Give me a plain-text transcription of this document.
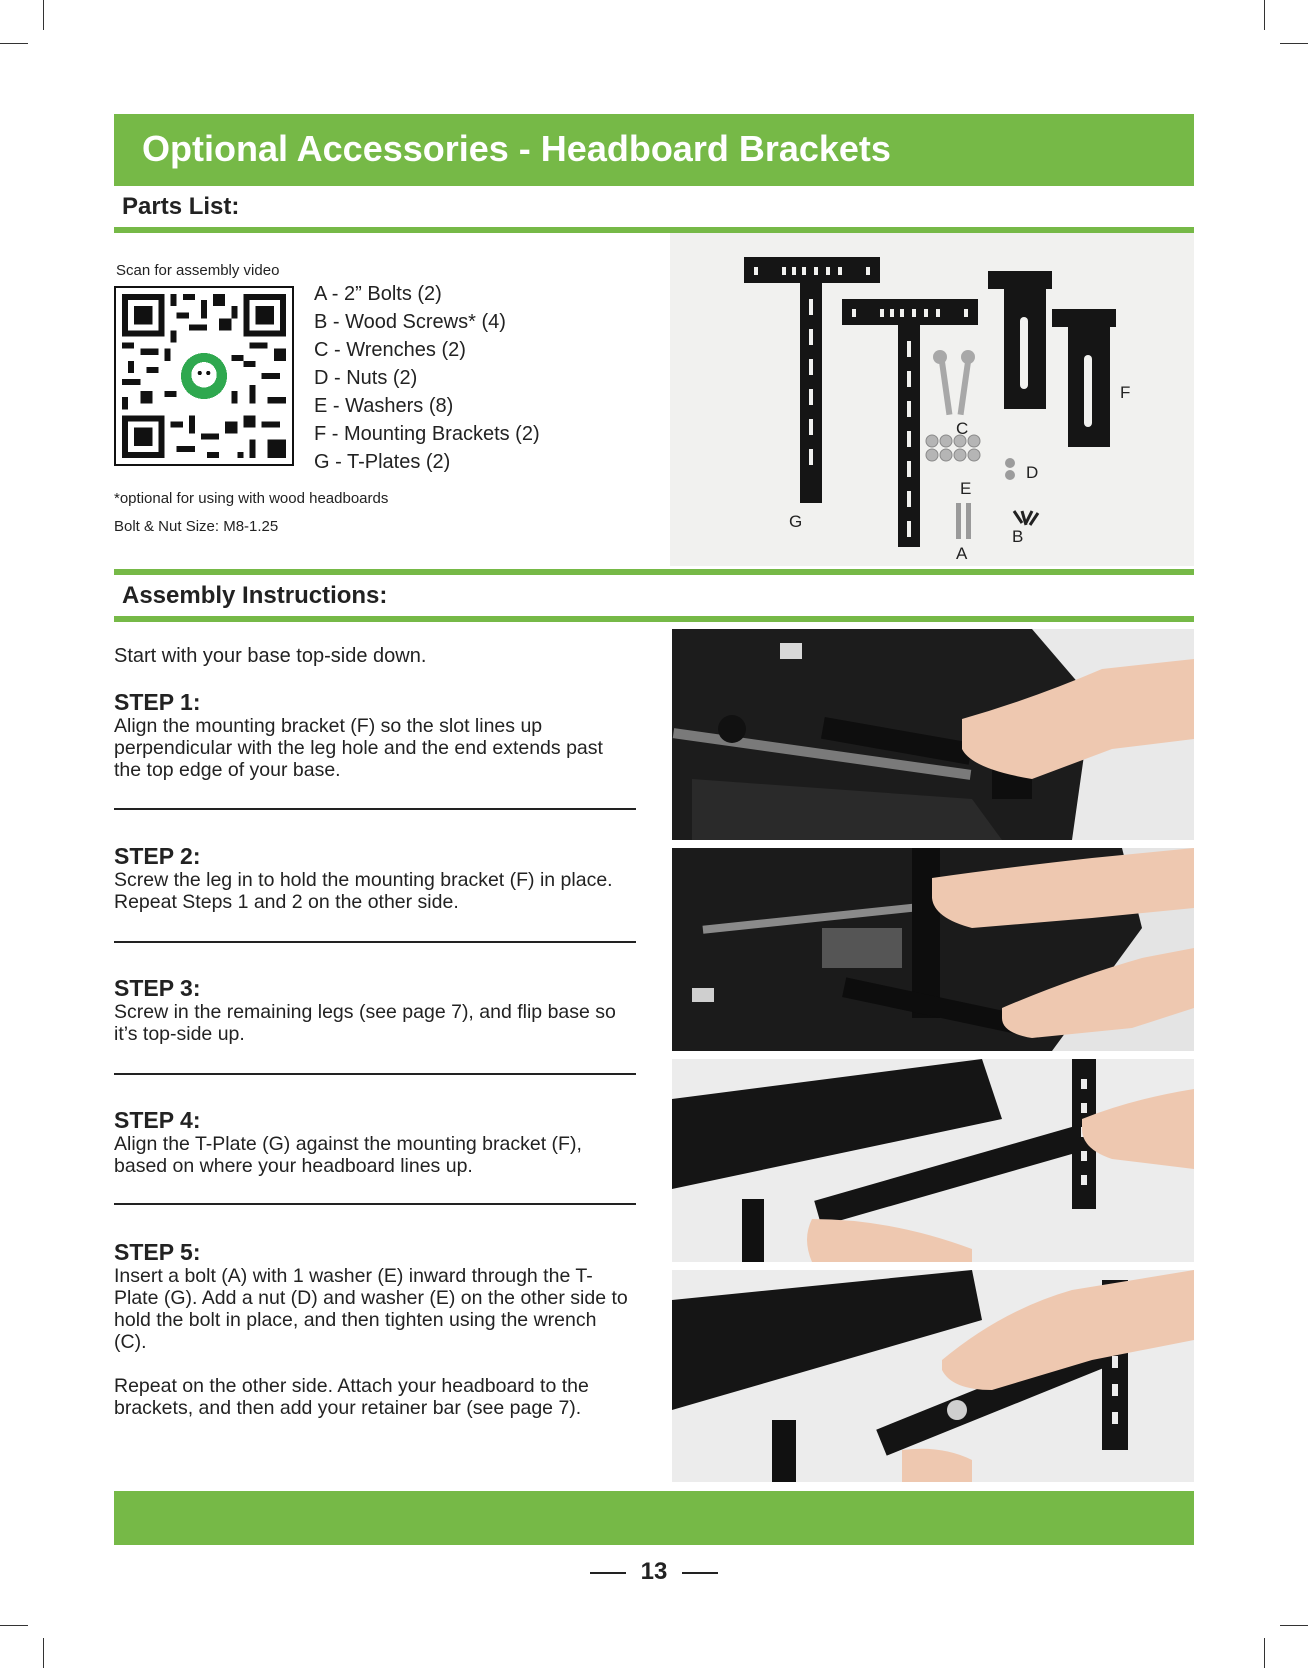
Optional Accessories - Headboard Brackets
Parts List:
Scan for assembly video
A - 2” Bolts (2)
B - Wood Screws* (4)
C - Wrenches (2)
D - Nuts (2)
E - Washers (8)
F - Mounting Brackets (2)
G - T-Plates (2)
*optional for using with wood headboards
Bolt & Nut Size: M8-1.25	G
A
B
C
D
E
F
Assembly Instructions:
Start with your base top-side down.
STEP 1:

Align the mounting bracket (F) so the slot lines up perpendicular with the leg hole and the end extends past the top edge of your base.

STEP 2:

Screw the leg in to hold the mounting bracket (F) in place. Repeat Steps 1 and 2 on the other side.

STEP 3:

Screw in the remaining legs (see page 7), and flip base so it’s top-side up.

STEP 4:

Align the T-Plate (G) against the mounting bracket (F), based on where your headboard lines up.

STEP 5:

Insert a bolt (A) with 1 washer (E) inward through the T-Plate (G). Add a nut (D) and washer (E) on the other side to hold the bolt in place, and then tighten using the wrench (C).

Repeat on the other side. Attach your headboard to the brackets, and then add your retainer bar (see page 7).

13
